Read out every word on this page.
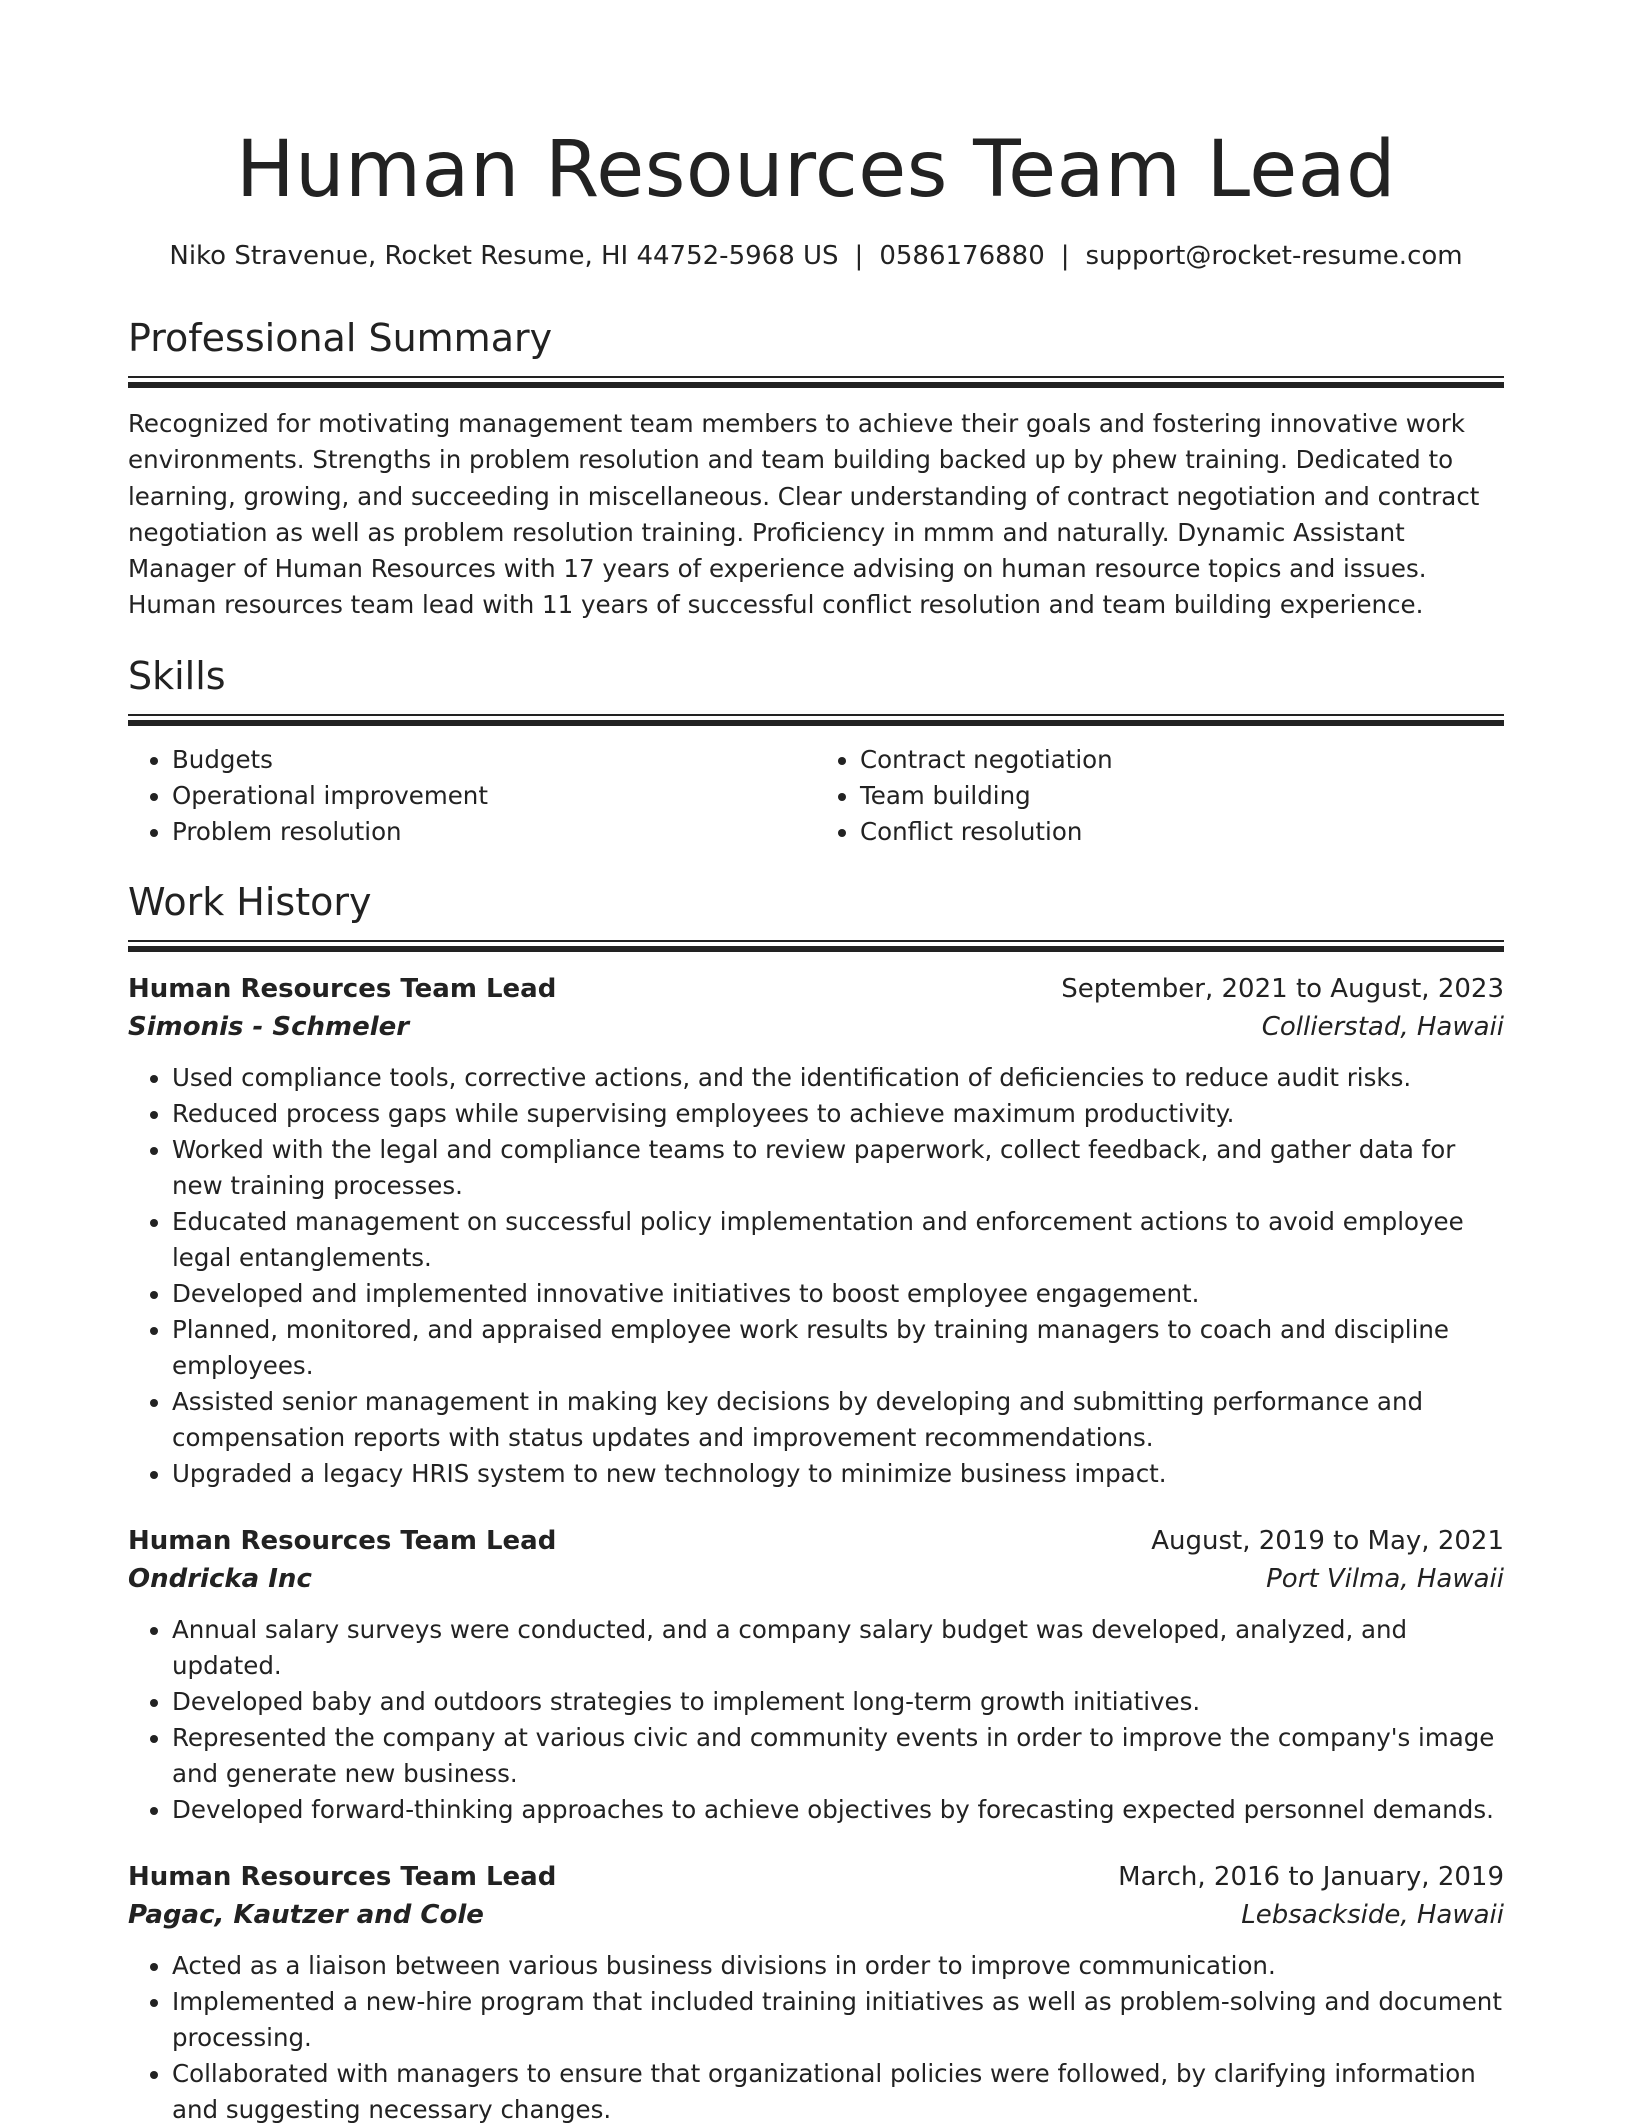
Human Resources Team Lead
Niko Stravenue, Rocket Resume, HI 44752-5968 US | 0586176880 | support@rocket-resume.com
Professional Summary

Recognized for motivating management team members to achieve their goals and fostering innovative work environments. Strengths in problem resolution and team building backed up by phew training. Dedicated to learning, growing, and succeeding in miscellaneous. Clear understanding of contract negotiation and contract negotiation as well as problem resolution training. Proficiency in mmm and naturally. Dynamic Assistant Manager of Human Resources with 17 years of experience advising on human resource topics and issues. Human resources team lead with 11 years of successful conflict resolution and team building experience.

Skills
• Budgets
• Operational improvement
• Problem resolution
• Contract negotiation
• Team building
• Conflict resolution
Work History
Human Resources Team Lead	September, 2021 to August, 2023
Simonis - Schmeler	Collierstad, Hawaii
• Used compliance tools, corrective actions, and the identification of deficiencies to reduce audit risks.
• Reduced process gaps while supervising employees to achieve maximum productivity.
• Worked with the legal and compliance teams to review paperwork, collect feedback, and gather data for new training processes.
• Educated management on successful policy implementation and enforcement actions to avoid employee legal entanglements.
• Developed and implemented innovative initiatives to boost employee engagement.
• Planned, monitored, and appraised employee work results by training managers to coach and discipline employees.
• Assisted senior management in making key decisions by developing and submitting performance and compensation reports with status updates and improvement recommendations.
• Upgraded a legacy HRIS system to new technology to minimize business impact.
Human Resources Team Lead	August, 2019 to May, 2021
Ondricka Inc	Port Vilma, Hawaii
• Annual salary surveys were conducted, and a company salary budget was developed, analyzed, and updated.
• Developed baby and outdoors strategies to implement long-term growth initiatives.
• Represented the company at various civic and community events in order to improve the company's image and generate new business.
• Developed forward-thinking approaches to achieve objectives by forecasting expected personnel demands.
Human Resources Team Lead	March, 2016 to January, 2019
Pagac, Kautzer and Cole	Lebsackside, Hawaii
• Acted as a liaison between various business divisions in order to improve communication.
• Implemented a new-hire program that included training initiatives as well as problem-solving and document processing.
• Collaborated with managers to ensure that organizational policies were followed, by clarifying information and suggesting necessary changes.
